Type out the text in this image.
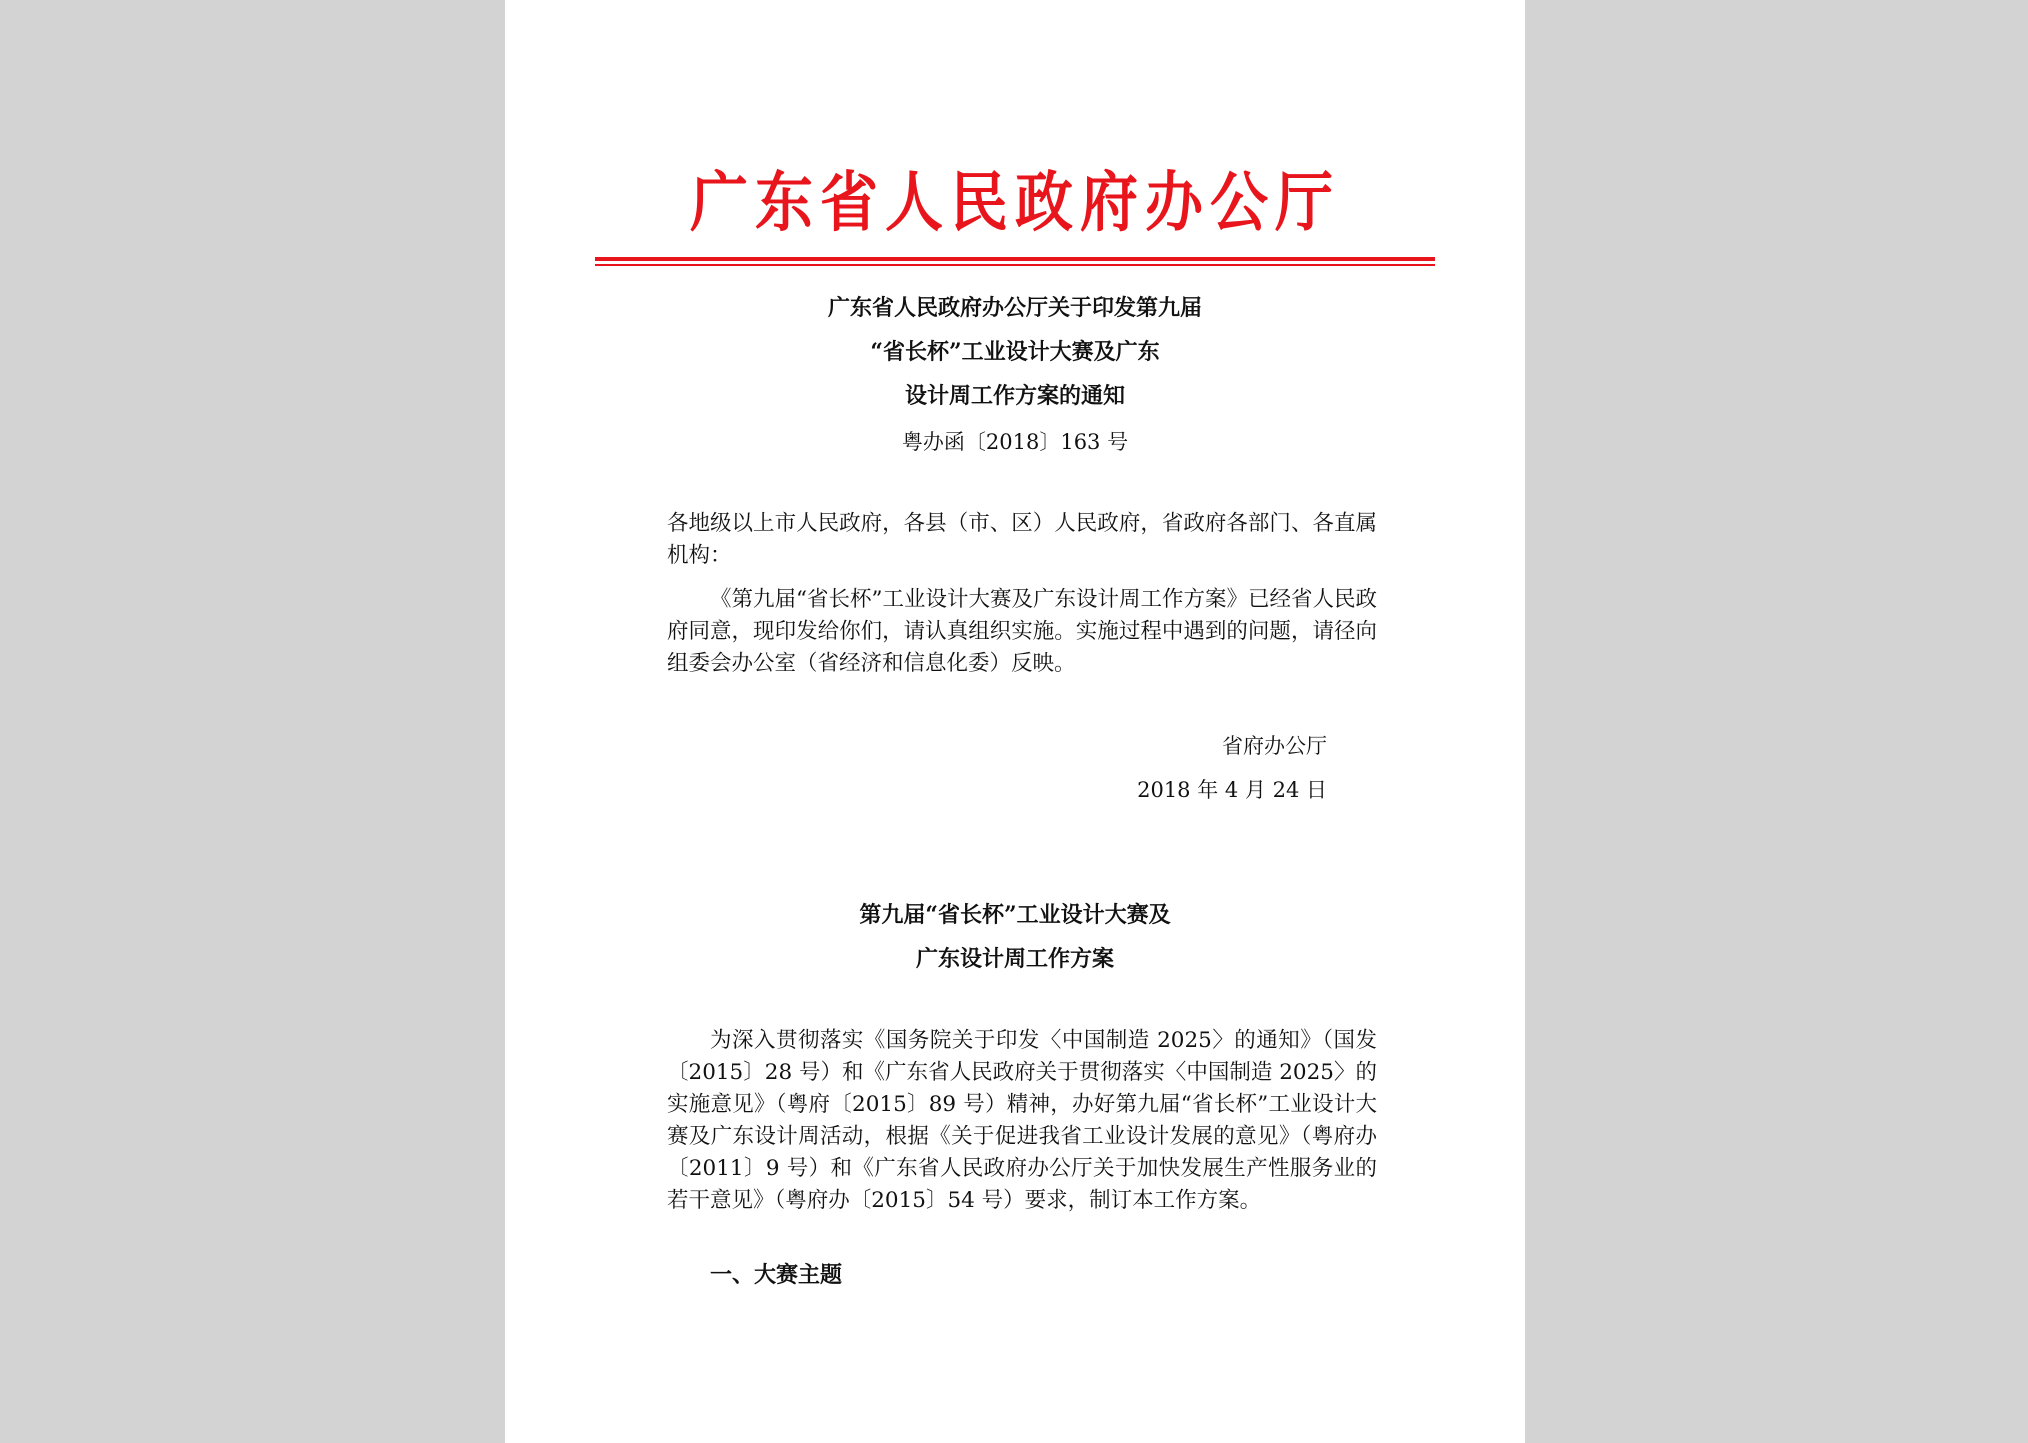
广东省人民政府办公厅
广东省人民政府办公厅关于印发第九届
“省长杯”工业设计大赛及广东
设计周工作方案的通知
粤办函〔2018〕163 号
各地级以上市人民政府，各县（市、区）人民政府，省政府各部门、各直属机构：
《第九届“省长杯”工业设计大赛及广东设计周工作方案》已经省人民政府同意，现印发给你们，请认真组织实施。实施过程中遇到的问题，请径向组委会办公室（省经济和信息化委）反映。
省府办公厅
2018 年 4 月 24 日
第九届“省长杯”工业设计大赛及
广东设计周工作方案
为深入贯彻落实《国务院关于印发〈中国制造 2025〉的通知》（国发〔2015〕28 号）和《广东省人民政府关于贯彻落实〈中国制造 2025〉的实施意见》（粤府〔2015〕89 号）精神，办好第九届“省长杯”工业设计大赛及广东设计周活动，根据《关于促进我省工业设计发展的意见》（粤府办〔2011〕9 号）和《广东省人民政府办公厅关于加快发展生产性服务业的若干意见》（粤府办〔2015〕54 号）要求，制订本工作方案。
一、大赛主题
